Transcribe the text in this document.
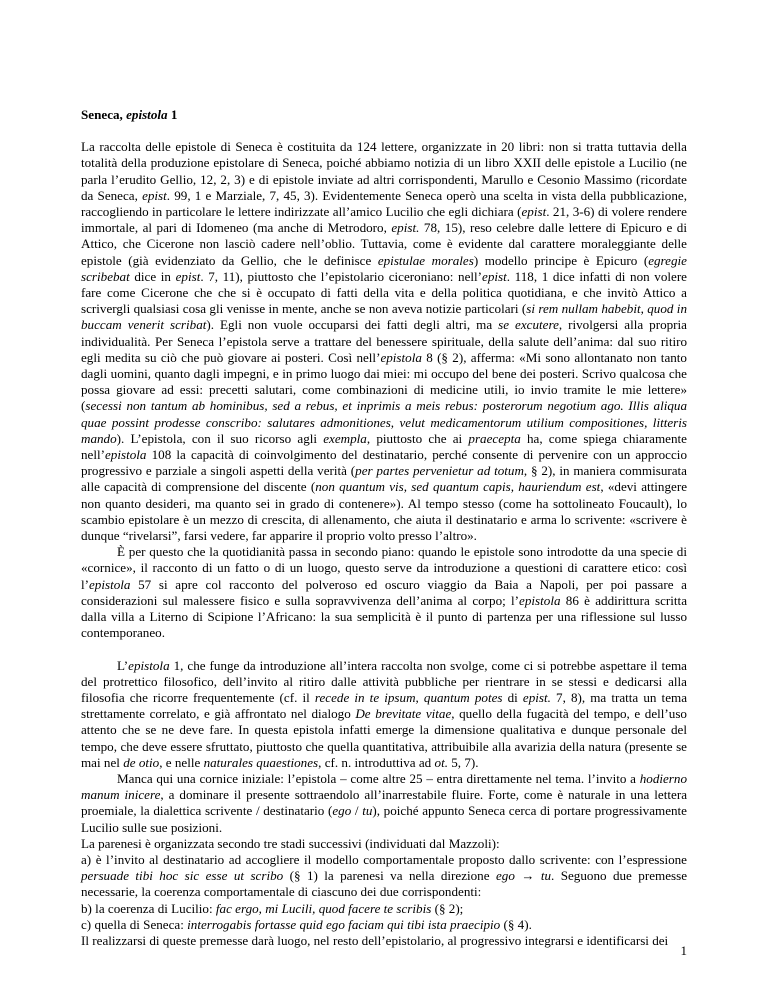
Seneca, epistola 1

La raccolta delle epistole di Seneca è costituita da 124 lettere, organizzate in 20 libri: non si tratta tuttavia della totalità della produzione epistolare di Seneca, poiché abbiamo notizia di un libro XXII delle epistole a Lucilio (ne parla l’erudito Gellio, 12, 2, 3) e di epistole inviate ad altri corrispondenti, Marullo e Cesonio Massimo (ricordate da Seneca, epist. 99, 1 e Marziale, 7, 45, 3). Evidentemente Seneca operò una scelta in vista della pubblicazione, raccogliendo in particolare le lettere indirizzate all’amico Lucilio che egli dichiara (epist. 21, 3-6) di volere rendere immortale, al pari di Idomeneo (ma anche di Metrodoro, epist. 78, 15), reso celebre dalle lettere di Epicuro e di Attico, che Cicerone non lasciò cadere nell’oblio. Tuttavia, come è evidente dal carattere moraleggiante delle epistole (già evidenziato da Gellio, che le definisce epistulae morales) modello principe è Epicuro (egregie scribebat dice in epist. 7, 11), piuttosto che l’epistolario ciceroniano: nell’epist. 118, 1 dice infatti di non volere fare come Cicerone che che si è occupato di fatti della vita e della politica quotidiana, e che invitò Attico a scrivergli qualsiasi cosa gli venisse in mente, anche se non aveva notizie particolari (si rem nullam habebit, quod in buccam venerit scribat). Egli non vuole occuparsi dei fatti degli altri, ma se excutere, rivolgersi alla propria individualità. Per Seneca l’epistola serve a trattare del benessere spirituale, della salute dell’anima: dal suo ritiro egli medita su ciò che può giovare ai posteri. Così nell’epistola 8 (§ 2), afferma: «Mi sono allontanato non tanto dagli uomini, quanto dagli impegni, e in primo luogo dai miei: mi occupo del bene dei posteri. Scrivo qualcosa che possa giovare ad essi: precetti salutari, come combinazioni di medicine utili, io invio tramite le mie lettere» (secessi non tantum ab hominibus, sed a rebus, et inprimis a meis rebus: posterorum negotium ago. Illis aliqua quae possint prodesse conscribo: salutares admonitiones, velut medicamentorum utilium compositiones, litteris mando). L’epistola, con il suo ricorso agli exempla, piuttosto che ai praecepta ha, come spiega chiaramente nell’epistola 108 la capacità di coinvolgimento del destinatario, perché consente di pervenire con un approccio progressivo e parziale a singoli aspetti della verità (per partes pervenietur ad totum, § 2), in maniera commisurata alle capacità di comprensione del discente (non quantum vis, sed quantum capis, hauriendum est, «devi attingere non quanto desideri, ma quanto sei in grado di contenere»). Al tempo stesso (come ha sottolineato Foucault), lo scambio epistolare è un mezzo di crescita, di allenamento, che aiuta il destinatario e arma lo scrivente: «scrivere è dunque “rivelarsi”, farsi vedere, far apparire il proprio volto presso l’altro».

È per questo che la quotidianità passa in secondo piano: quando le epistole sono introdotte da una specie di «cornice», il racconto di un fatto o di un luogo, questo serve da introduzione a questioni di carattere etico: così l’epistola 57 si apre col racconto del polveroso ed oscuro viaggio da Baia a Napoli, per poi passare a considerazioni sul malessere fisico e sulla sopravvivenza dell’anima al corpo; l’epistola 86 è addirittura scritta dalla villa a Literno di Scipione l’Africano: la sua semplicità è il punto di partenza per una riflessione sul lusso contemporaneo.

L’epistola 1, che funge da introduzione all’intera raccolta non svolge, come ci si potrebbe aspettare il tema del protrettico filosofico, dell’invito al ritiro dalle attività pubbliche per rientrare in se stessi e dedicarsi alla filosofia che ricorre frequentemente (cf. il recede in te ipsum, quantum potes di epist. 7, 8), ma tratta un tema strettamente correlato, e già affrontato nel dialogo De brevitate vitae, quello della fugacità del tempo, e dell’uso attento che se ne deve fare. In questa epistola infatti emerge la dimensione qualitativa e dunque personale del tempo, che deve essere sfruttato, piuttosto che quella quantitativa, attribuibile alla avarizia della natura (presente se mai nel de otio, e nelle naturales quaestiones, cf. n. introduttiva ad ot. 5, 7).

Manca qui una cornice iniziale: l’epistola – come altre 25 – entra direttamente nel tema. l’invito a hodierno manum inicere, a dominare il presente sottraendolo all’inarrestabile fluire. Forte, come è naturale in una lettera proemiale, la dialettica scrivente / destinatario (ego / tu), poiché appunto Seneca cerca di portare progressivamente Lucilio sulle sue posizioni.

La parenesi è organizzata secondo tre stadi successivi (individuati dal Mazzoli):

a) è l’invito al destinatario ad accogliere il modello comportamentale proposto dallo scrivente: con l’espressione persuade tibi hoc sic esse ut scribo (§ 1) la parenesi va nella direzione ego → tu. Seguono due premesse necessarie, la coerenza comportamentale di ciascuno dei due corrispondenti:

b) la coerenza di Lucilio: fac ergo, mi Lucili, quod facere te scribis (§ 2);

c) quella di Seneca: interrogabis fortasse quid ego faciam qui tibi ista praecipio (§ 4).

Il realizzarsi di queste premesse darà luogo, nel resto dell’epistolario, al progressivo integrarsi e identificarsi dei

1
